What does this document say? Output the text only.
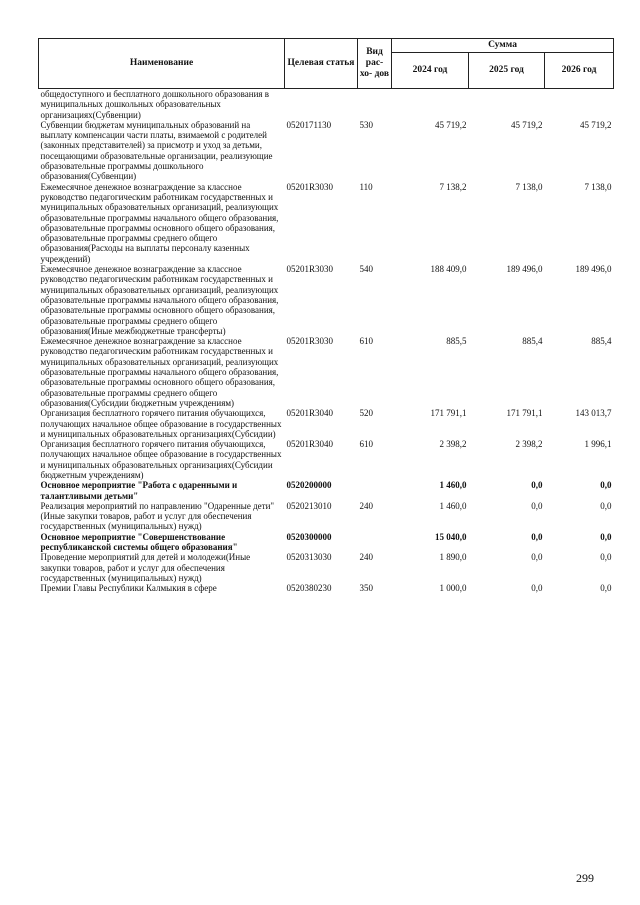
Наименование	Целевая статья	Вид рас- хо- дов	Сумма		
			2024 год	2025 год	2026 год
общедоступного и бесплатного дошкольного образования в муниципальных дошкольных образовательных организациях(Субвенции)					
Субвенции бюджетам муниципальных образований на выплату компенсации части платы, взимаемой с родителей (законных представителей) за присмотр и уход за детьми, посещающими образовательные организации, реализующие образовательные программы дошкольного образования(Субвенции)	0520171130	530	45 719,2	45 719,2	45 719,2
Ежемесячное денежное вознаграждение за классное руководство педагогическим работникам государственных и муниципальных образовательных организаций, реализующих образовательные программы начального общего образования, образовательные программы основного общего образования, образовательные программы среднего общего образования(Расходы на выплаты персоналу казенных учреждений)	05201R3030	110	7 138,2	7 138,0	7 138,0
Ежемесячное денежное вознаграждение за классное руководство педагогическим работникам государственных и муниципальных образовательных организаций, реализующих образовательные программы начального общего образования, образовательные программы основного общего образования, образовательные программы среднего общего образования(Иные межбюджетные трансферты)	05201R3030	540	188 409,0	189 496,0	189 496,0
Ежемесячное денежное вознаграждение за классное руководство педагогическим работникам государственных и муниципальных образовательных организаций, реализующих образовательные программы начального общего образования, образовательные программы основного общего образования, образовательные программы среднего общего образования(Субсидии бюджетным учреждениям)	05201R3030	610	885,5	885,4	885,4
Организация бесплатного горячего питания обучающихся, получающих начальное общее образование в государственных и муниципальных образовательных организациях(Субсидии)	05201R3040	520	171 791,1	171 791,1	143 013,7
Организация бесплатного горячего питания обучающихся, получающих начальное общее образование в государственных и муниципальных образовательных организациях(Субсидии бюджетным учреждениям)	05201R3040	610	2 398,2	2 398,2	1 996,1
Основное мероприятие "Работа с одаренными и талантливыми детьми"	0520200000		1 460,0	0,0	0,0
Реализация мероприятий по направлению "Одаренные дети"(Иные закупки товаров, работ и услуг для обеспечения государственных (муниципальных) нужд)	0520213010	240	1 460,0	0,0	0,0
Основное мероприятие "Совершенствование республиканской системы общего образования"	0520300000		15 040,0	0,0	0,0
Проведение мероприятий для детей и молодежи(Иные закупки товаров, работ и услуг для обеспечения государственных (муниципальных) нужд)	0520313030	240	1 890,0	0,0	0,0
Премии Главы Республики Калмыкия в сфере	0520380230	350	1 000,0	0,0	0,0
299
